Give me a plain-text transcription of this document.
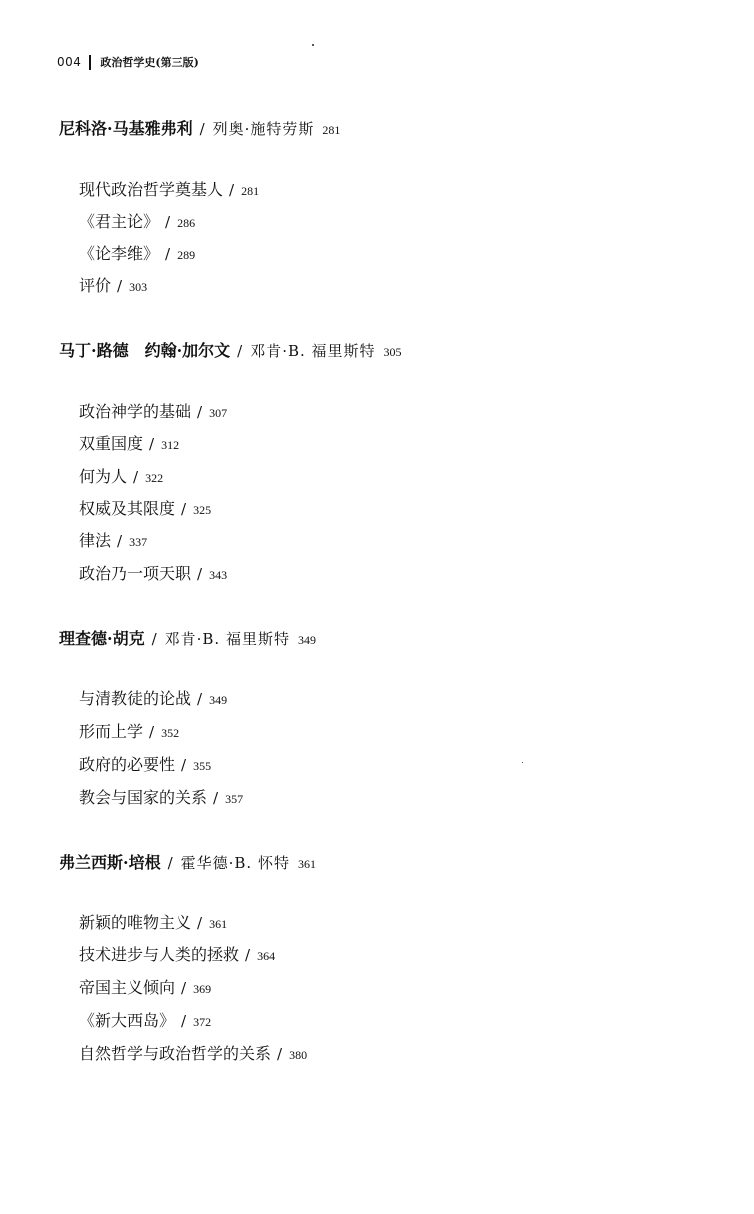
004 政治哲学史(第三版)
尼科洛·马基雅弗利 / 列奥·施特劳斯 281
现代政治哲学奠基人 / 281
《君主论》 / 286
《论李维》 / 289
评价 / 303
马丁·路德　约翰·加尔文 / 邓肯·B. 福里斯特 305
政治神学的基础 / 307
双重国度 / 312
何为人 / 322
权威及其限度 / 325
律法 / 337
政治乃一项天职 / 343
理查德·胡克 / 邓肯·B. 福里斯特 349
与清教徒的论战 / 349
形而上学 / 352
政府的必要性 / 355
教会与国家的关系 / 357
弗兰西斯·培根 / 霍华德·B. 怀特 361
新颖的唯物主义 / 361
技术进步与人类的拯救 / 364
帝国主义倾向 / 369
《新大西岛》 / 372
自然哲学与政治哲学的关系 / 380
